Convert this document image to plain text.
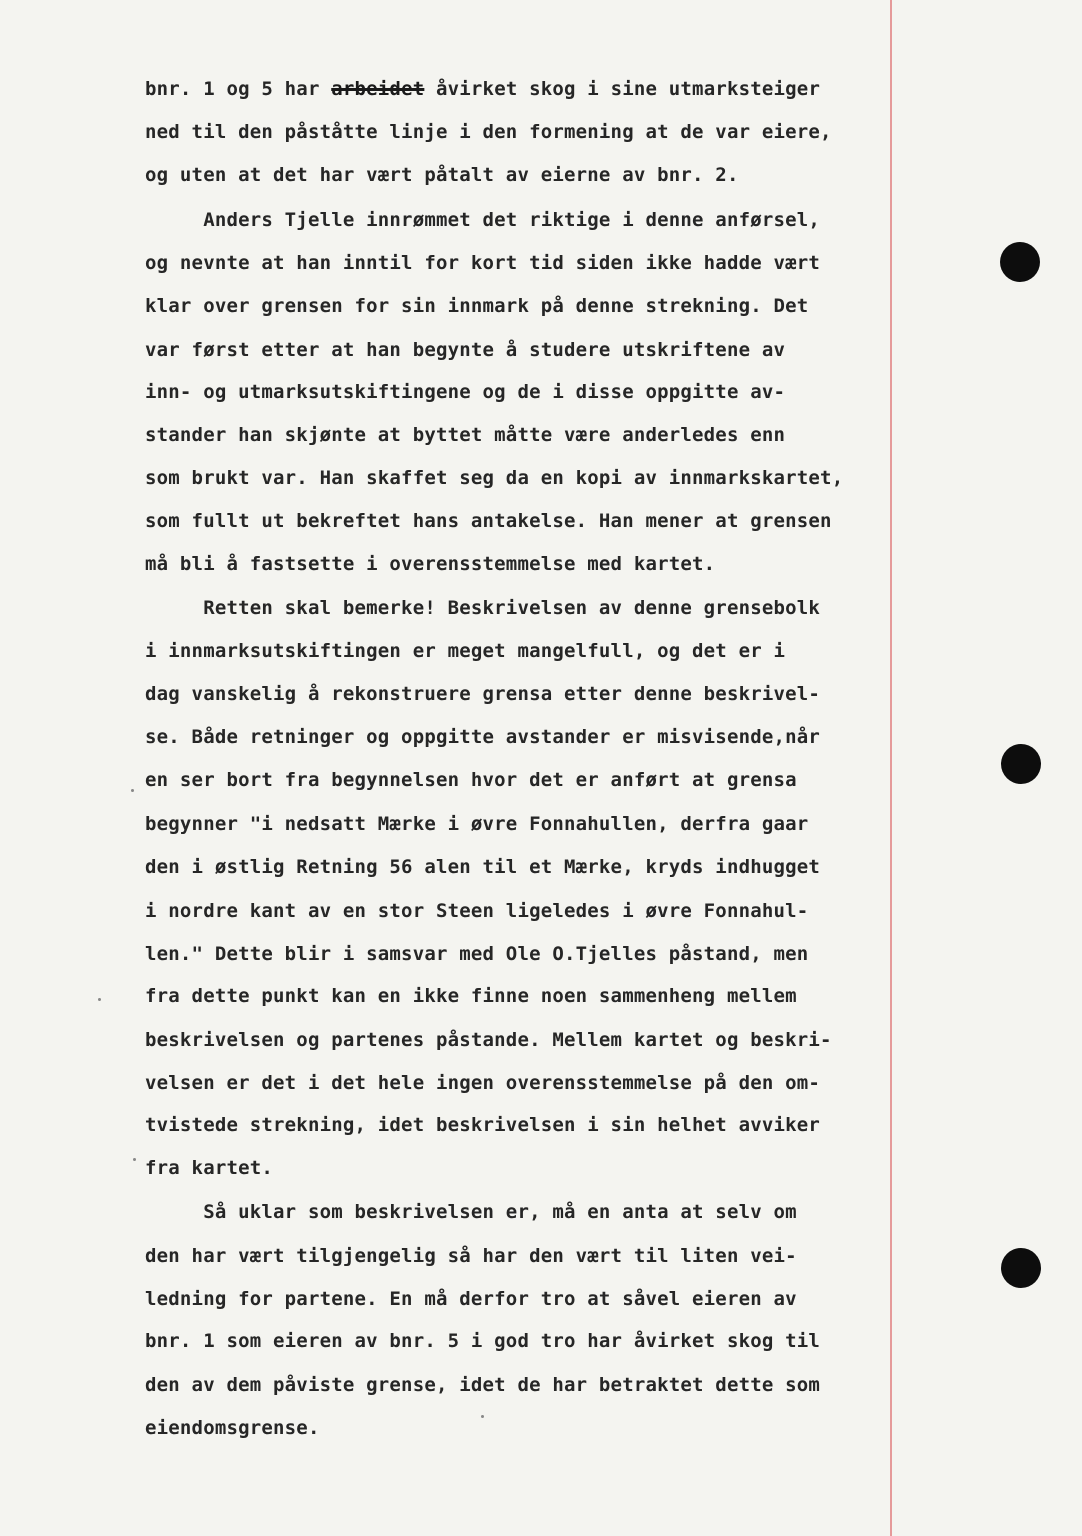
bnr. 1 og 5 har arbeidet åvirket skog i sine utmarksteiger
ned til den påståtte linje i den formening at de var eiere,
og uten at det har vært påtalt av eierne av bnr. 2.
Anders Tjelle innrømmet det riktige i denne anførsel,
og nevnte at han inntil for kort tid siden ikke hadde vært
klar over grensen for sin innmark på denne strekning. Det
var først etter at han begynte å studere utskriftene av
inn- og utmarksutskiftingene og de i disse oppgitte av-
stander han skjønte at byttet måtte være anderledes enn
som brukt var. Han skaffet seg da en kopi av innmarkskartet,
som fullt ut bekreftet hans antakelse. Han mener at grensen
må bli å fastsette i overensstemmelse med kartet.
Retten skal bemerke! Beskrivelsen av denne grensebolk
i innmarksutskiftingen er meget mangelfull, og det er i
dag vanskelig å rekonstruere grensa etter denne beskrivel-
se. Både retninger og oppgitte avstander er misvisende,når
en ser bort fra begynnelsen hvor det er anført at grensa
begynner "i nedsatt Mærke i øvre Fonnahullen, derfra gaar
den i østlig Retning 56 alen til et Mærke, kryds indhugget
i nordre kant av en stor Steen ligeledes i øvre Fonnahul-
len." Dette blir i samsvar med Ole O.Tjelles påstand, men
fra dette punkt kan en ikke finne noen sammenheng mellem
beskrivelsen og partenes påstande. Mellem kartet og beskri-
velsen er det i det hele ingen overensstemmelse på den om-
tvistede strekning, idet beskrivelsen i sin helhet avviker
fra kartet.
Så uklar som beskrivelsen er, må en anta at selv om
den har vært tilgjengelig så har den vært til liten vei-
ledning for partene. En må derfor tro at såvel eieren av
bnr. 1 som eieren av bnr. 5 i god tro har åvirket skog til
den av dem påviste grense, idet de har betraktet dette som
eiendomsgrense.
